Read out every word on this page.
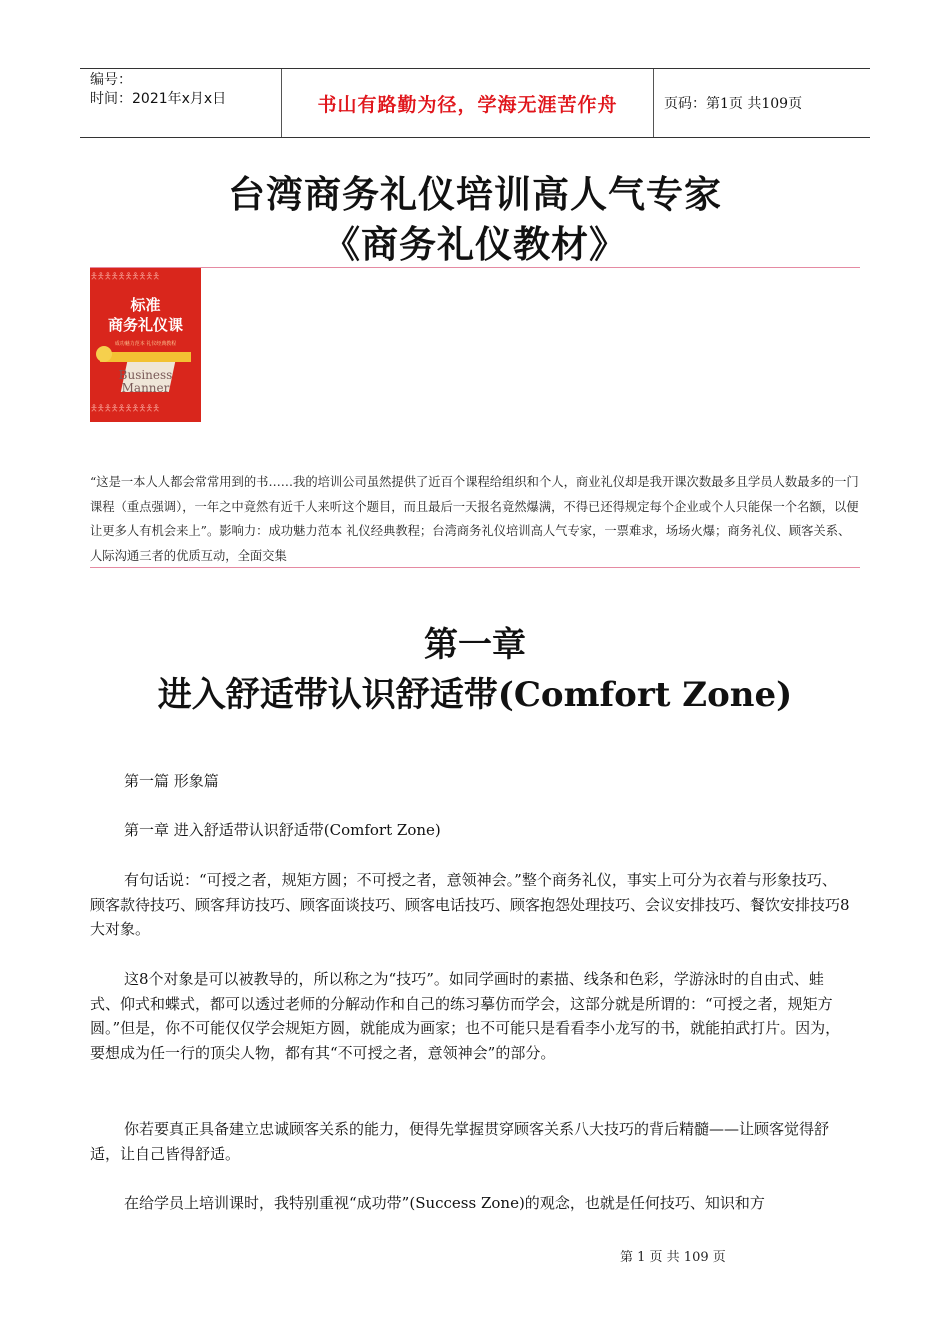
编号：
时间：2021年x月x日	书山有路勤为径，学海无涯苦作舟	页码：第1页 共109页
台湾商务礼仪培训高人气专家
《商务礼仪教材》
🯅🯅🯅🯅🯅🯅🯅🯅🯅🯅
标准
商务礼仪课
成功魅力范本 礼仪经典教程
Business
Manner
🯅🯅🯅🯅🯅🯅🯅🯅🯅🯅
“这是一本人人都会常常用到的书……我的培训公司虽然提供了近百个课程给组织和个人，商业礼仪却是我开课次数最多且学员人数最多的一门课程（重点强调），一年之中竟然有近千人来听这个题目，而且最后一天报名竟然爆满，不得已还得规定每个企业或个人只能保一个名额，以便让更多人有机会来上”。影响力：成功魅力范本 礼仪经典教程；台湾商务礼仪培训高人气专家，一票难求，场场火爆；商务礼仪、顾客关系、人际沟通三者的优质互动，全面交集
第一章
进入舒适带认识舒适带(Comfort Zone)

第一篇 形象篇

第一章 进入舒适带认识舒适带(Comfort Zone)

有句话说：“可授之者，规矩方圆；不可授之者，意领神会。”整个商务礼仪，事实上可分为衣着与形象技巧、顾客款待技巧、顾客拜访技巧、顾客面谈技巧、顾客电话技巧、顾客抱怨处理技巧、会议安排技巧、餐饮安排技巧8大对象。

这8个对象是可以被教导的，所以称之为“技巧”。如同学画时的素描、线条和色彩，学游泳时的自由式、蛙式、仰式和蝶式，都可以透过老师的分解动作和自己的练习摹仿而学会，这部分就是所谓的：“可授之者，规矩方圆。”但是，你不可能仅仅学会规矩方圆，就能成为画家；也不可能只是看看李小龙写的书，就能拍武打片。因为，要想成为任一行的顶尖人物，都有其“不可授之者，意领神会”的部分。

你若要真正具备建立忠诚顾客关系的能力，便得先掌握贯穿顾客关系八大技巧的背后精髓——让顾客觉得舒适，让自己皆得舒适。

在给学员上培训课时，我特别重视“成功带”(Success Zone)的观念，也就是任何技巧、知识和方

第 1 页 共 109 页
